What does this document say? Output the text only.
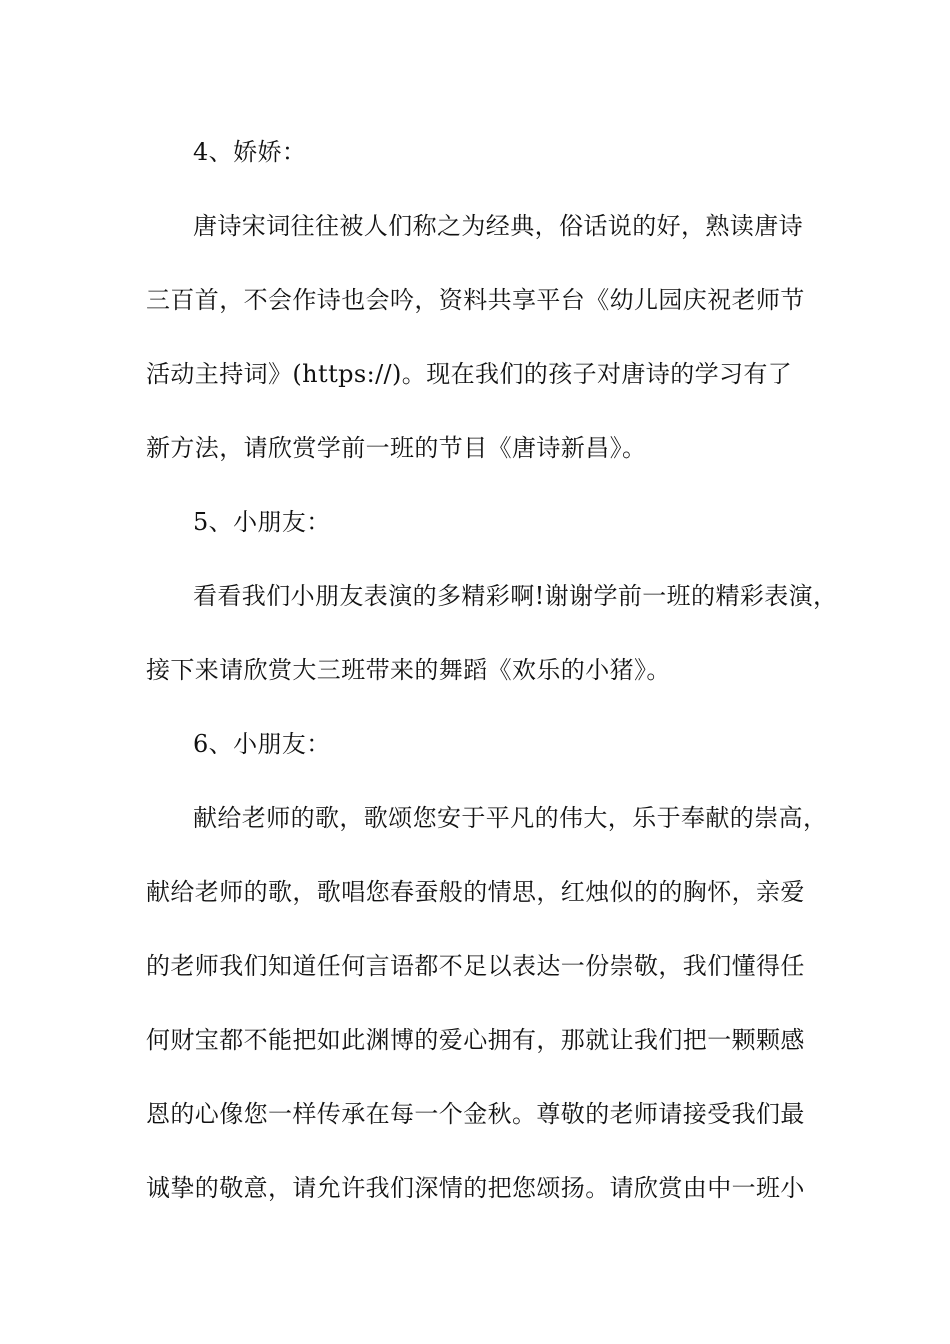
4、娇娇：
唐诗宋词往往被人们称之为经典，俗话说的好，熟读唐诗
三百首，不会作诗也会吟，资料共享平台《幼儿园庆祝老师节
活动主持词》(https://)。现在我们的孩子对唐诗的学习有了
新方法，请欣赏学前一班的节目《唐诗新昌》。
5、小朋友：
看看我们小朋友表演的多精彩啊!谢谢学前一班的精彩表演，
接下来请欣赏大三班带来的舞蹈《欢乐的小猪》。
6、小朋友：
献给老师的歌，歌颂您安于平凡的伟大，乐于奉献的崇高，
献给老师的歌，歌唱您春蚕般的情思，红烛似的的胸怀，亲爱
的老师我们知道任何言语都不足以表达一份崇敬，我们懂得任
何财宝都不能把如此渊博的爱心拥有，那就让我们把一颗颗感
恩的心像您一样传承在每一个金秋。尊敬的老师请接受我们最
诚挚的敬意，请允许我们深情的把您颂扬。请欣赏由中一班小
